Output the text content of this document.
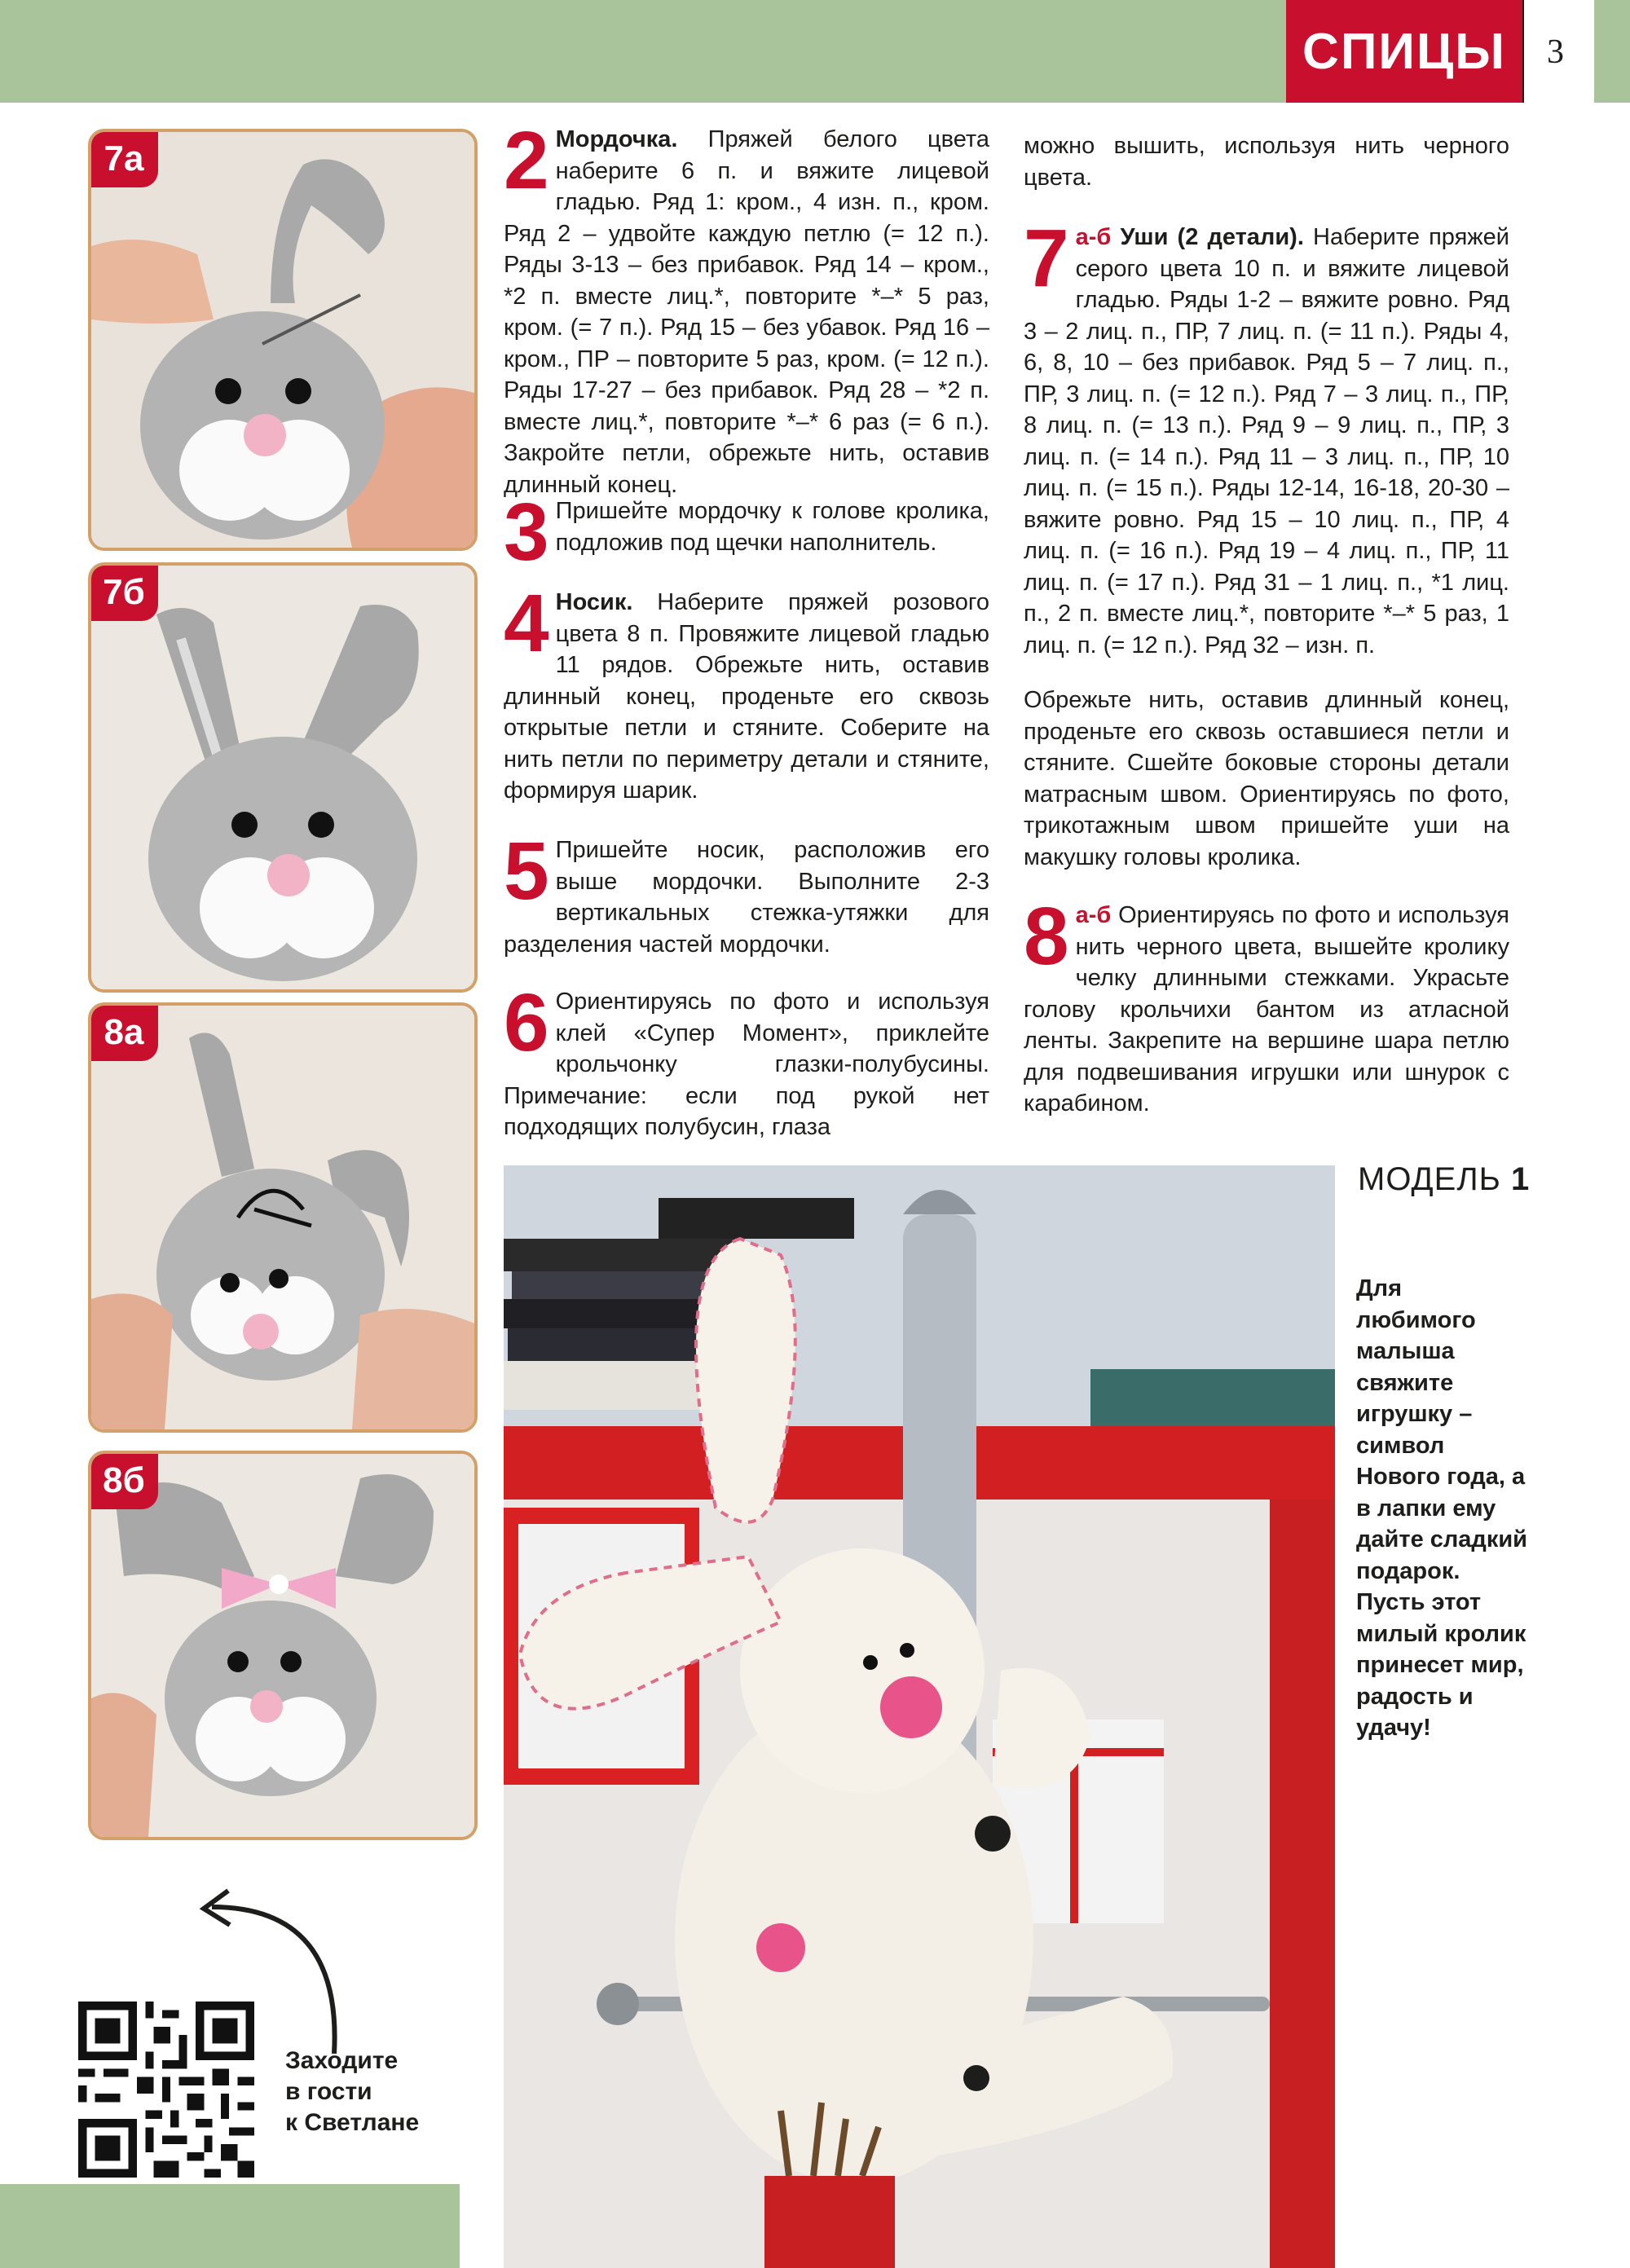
СПИЦЫ	3
7а
7б
8а
8б
2 Мордочка. Пряжей белого цвета наберите 6 п. и вяжите лицевой гладью. Ряд 1: кром., 4 изн. п., кром. Ряд 2 – удвойте каждую петлю (= 12 п.). Ряды 3-13 – без прибавок. Ряд 14 – кром., *2 п. вместе лиц.*, повторите *–* 5 раз, кром. (= 7 п.). Ряд 15 – без убавок. Ряд 16 – кром., ПР – повторите 5 раз, кром. (= 12 п.). Ряды 17-27 – без прибавок. Ряд 28 – *2 п. вместе лиц.*, повторите *–* 6 раз (= 6 п.). Закройте петли, обрежьте нить, оставив длинный конец.
3 Пришейте мордочку к голове кролика, подложив под щечки наполнитель.
4 Носик. Наберите пряжей розового цвета 8 п. Провяжите лицевой гладью 11 рядов. Обрежьте нить, оставив длинный конец, проденьте его сквозь открытые петли и стяните. Соберите на нить петли по периметру детали и стяните, формируя шарик.
5 Пришейте носик, расположив его выше мордочки. Выполните 2-3 вертикальных стежка-утяжки для разделения частей мордочки.
6 Ориентируясь по фото и используя клей «Супер Момент», приклейте крольчонку глазки-полубусины. Примечание: если под рукой нет подходящих полубусин, глаза
можно вышить, используя нить черного цвета.
7 а-б Уши (2 детали). Наберите пряжей серого цвета 10 п. и вяжите лицевой гладью. Ряды 1-2 – вяжите ровно. Ряд 3 – 2 лиц. п., ПР, 7 лиц. п. (= 11 п.). Ряды 4, 6, 8, 10 – без прибавок. Ряд 5 – 7 лиц. п., ПР, 3 лиц. п. (= 12 п.). Ряд 7 – 3 лиц. п., ПР, 8 лиц. п. (= 13 п.). Ряд 9 – 9 лиц. п., ПР, 3 лиц. п. (= 14 п.). Ряд 11 – 3 лиц. п., ПР, 10 лиц. п. (= 15 п.). Ряды 12-14, 16-18, 20-30 – вяжите ровно. Ряд 15 – 10 лиц. п., ПР, 4 лиц. п. (= 16 п.). Ряд 19 – 4 лиц. п., ПР, 11 лиц. п. (= 17 п.). Ряд 31 – 1 лиц. п., *1 лиц. п., 2 п. вместе лиц.*, повторите *–* 5 раз, 1 лиц. п. (= 12 п.). Ряд 32 – изн. п.
Обрежьте нить, оставив длинный конец, проденьте его сквозь оставшиеся петли и стяните. Сшейте боковые стороны детали матрасным швом. Ориентируясь по фото, трикотажным швом пришейте уши на макушку головы кролика.
8 а-б Ориентируясь по фото и используя нить черного цвета, вышейте кролику челку длинными стежками. Украсьте голову крольчихи бантом из атласной ленты. Закрепите на вершине шара петлю для подвешивания игрушки или шнурок с карабином.
МОДЕЛЬ 1
Для любимого малыша свяжите игрушку – символ Нового года, а в лапки ему дайте сладкий подарок. Пусть этот милый кролик принесет мир, радость и удачу!
Заходите
в гости
к Светлане
